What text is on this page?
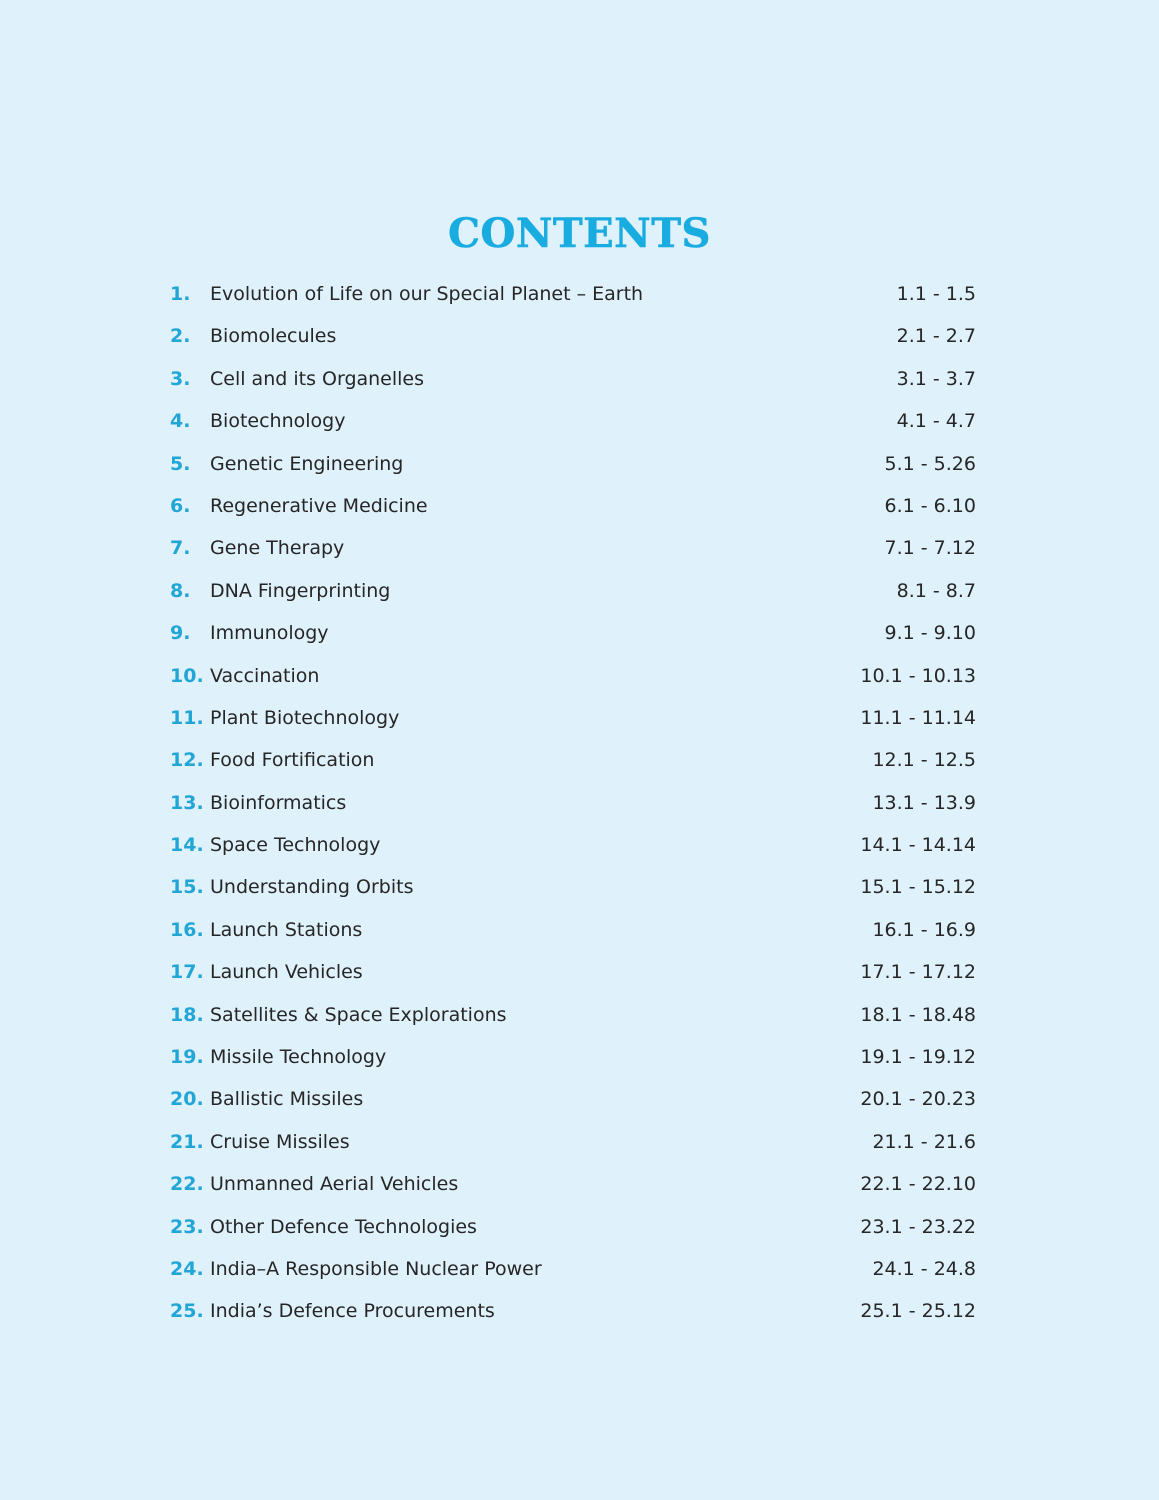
CONTENTS
1.	Evolution of Life on our Special Planet – Earth	1.1 - 1.5
2.	Biomolecules	2.1 - 2.7
3.	Cell and its Organelles	3.1 - 3.7
4.	Biotechnology	4.1 - 4.7
5.	Genetic Engineering	5.1 - 5.26
6.	Regenerative Medicine	6.1 - 6.10
7.	Gene Therapy	7.1 - 7.12
8.	DNA Fingerprinting	8.1 - 8.7
9.	Immunology	9.1 - 9.10
10. Vaccination	10.1 - 10.13
11. Plant Biotechnology	11.1 - 11.14
12. Food Fortification	12.1 - 12.5
13. Bioinformatics	13.1 - 13.9
14. Space Technology	14.1 - 14.14
15. Understanding Orbits	15.1 - 15.12
16. Launch Stations	16.1 - 16.9
17. Launch Vehicles	17.1 - 17.12
18. Satellites & Space Explorations	18.1 - 18.48
19. Missile Technology	19.1 - 19.12
20. Ballistic Missiles	20.1 - 20.23
21. Cruise Missiles	21.1 - 21.6
22. Unmanned Aerial Vehicles	22.1 - 22.10
23. Other Defence Technologies	23.1 - 23.22
24. India–A Responsible Nuclear Power	24.1 - 24.8
25. India’s Defence Procurements	25.1 - 25.12
